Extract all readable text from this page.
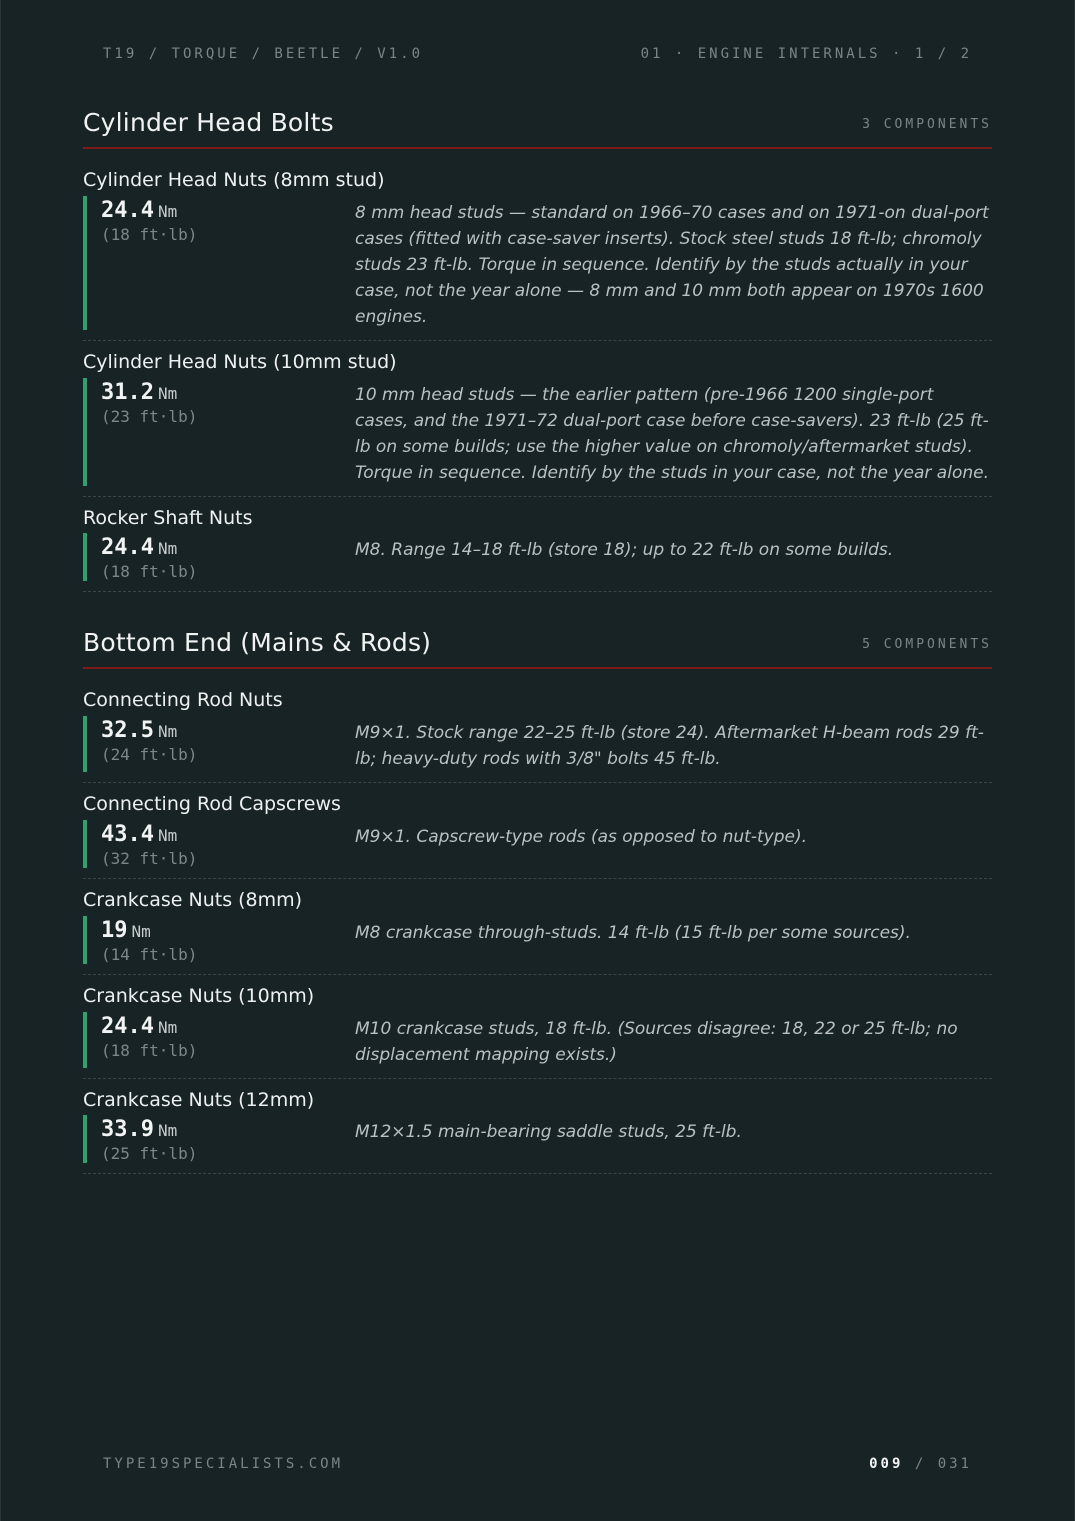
T19 / TORQUE / BEETLE / V1.0	01 · ENGINE INTERNALS · 1 / 2
Cylinder Head Bolts	3 COMPONENTS
Cylinder Head Nuts (8mm stud)
24.4 Nm
(18 ft·lb)
8 mm head studs — standard on 1966–70 cases and on 1971-on dual-port cases (fitted with case-saver inserts). Stock steel studs 18 ft-lb; chromoly studs 23 ft-lb. Torque in sequence. Identify by the studs actually in your case, not the year alone — 8 mm and 10 mm both appear on 1970s 1600 engines.
Cylinder Head Nuts (10mm stud)
31.2 Nm
(23 ft·lb)
10 mm head studs — the earlier pattern (pre-1966 1200 single-port cases, and the 1971–72 dual-port case before case-savers). 23 ft-lb (25 ft-lb on some builds; use the higher value on chromoly/aftermarket studs). Torque in sequence. Identify by the studs in your case, not the year alone.
Rocker Shaft Nuts
24.4 Nm
(18 ft·lb)
M8. Range 14–18 ft-lb (store 18); up to 22 ft-lb on some builds.
Bottom End (Mains & Rods)	5 COMPONENTS
Connecting Rod Nuts
32.5 Nm
(24 ft·lb)
M9×1. Stock range 22–25 ft-lb (store 24). Aftermarket H-beam rods 29 ft-lb; heavy-duty rods with 3/8" bolts 45 ft-lb.
Connecting Rod Capscrews
43.4 Nm
(32 ft·lb)
M9×1. Capscrew-type rods (as opposed to nut-type).
Crankcase Nuts (8mm)
19 Nm
(14 ft·lb)
M8 crankcase through-studs. 14 ft-lb (15 ft-lb per some sources).
Crankcase Nuts (10mm)
24.4 Nm
(18 ft·lb)
M10 crankcase studs, 18 ft-lb. (Sources disagree: 18, 22 or 25 ft-lb; no displacement mapping exists.)
Crankcase Nuts (12mm)
33.9 Nm
(25 ft·lb)
M12×1.5 main-bearing saddle studs, 25 ft-lb.
TYPE19SPECIALISTS.COM	009 / 031
